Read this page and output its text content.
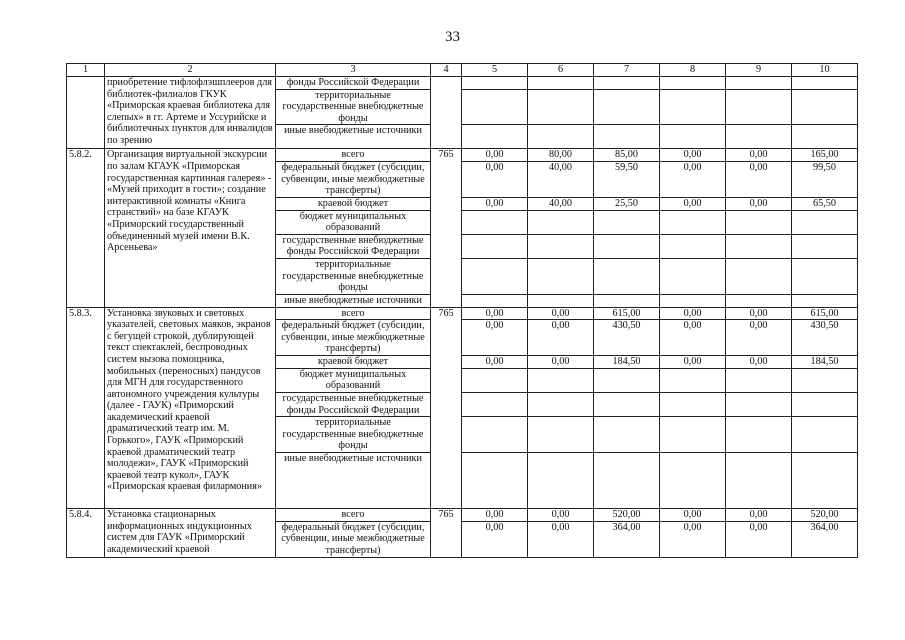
33
1	2	3	4	5	6	7	8	9	10
	приобретение тифлофлэшплееров для библиотек-филиалов ГКУК «Приморская краевая библиотека для слепых» в гг. Артеме и Уссурийске и библиотечных пунктов для инвалидов по зрению	фонды Российской Федерации							
		территориальные государственные внебюджетные фонды							
		иные внебюджетные источники							
5.8.2.	Организация виртуальной экскурсии по залам КГАУК «Приморская государственная картинная галерея» - «Музей приходит в гости»; создание интерактивной комнаты «Книга странствий» на базе КГАУК «Приморский государственный объединенный музей имени В.К. Арсеньева»	всего	765	0,00	80,00	85,00	0,00	0,00	165,00
		федеральный бюджет (субсидии, субвенции, иные межбюджетные трансферты)		0,00	40,00	59,50	0,00	0,00	99,50
		краевой бюджет		0,00	40,00	25,50	0,00	0,00	65,50
		бюджет муниципальных образований							
		государственные внебюджетные фонды Российской Федерации							
		территориальные государственные внебюджетные фонды							
		иные внебюджетные источники							
5.8.3.	Установка звуковых и световых указателей, световых маяков, экранов с бегущей строкой, дублирующей текст спектаклей, беспроводных систем вызова помощника, мобильных (переносных) пандусов для МГН для государственного автономного учреждения культуры (далее - ГАУК) «Приморский академический краевой драматический театр им. М. Горького», ГАУК «Приморский краевой драматический театр молодежи», ГАУК «Приморский краевой театр кукол», ГАУК «Приморская краевая филармония»	всего	765	0,00	0,00	615,00	0,00	0,00	615,00
		федеральный бюджет (субсидии, субвенции, иные межбюджетные трансферты)		0,00	0,00	430,50	0,00	0,00	430,50
		краевой бюджет		0,00	0,00	184,50	0,00	0,00	184,50
		бюджет муниципальных образований							
		государственные внебюджетные фонды Российской Федерации							
		территориальные государственные внебюджетные фонды							
		иные внебюджетные источники							
5.8.4.	Установка стационарных информационных индукционных систем для ГАУК «Приморский академический краевой	всего	765	0,00	0,00	520,00	0,00	0,00	520,00
		федеральный бюджет (субсидии, субвенции, иные межбюджетные трансферты)		0,00	0,00	364,00	0,00	0,00	364,00
